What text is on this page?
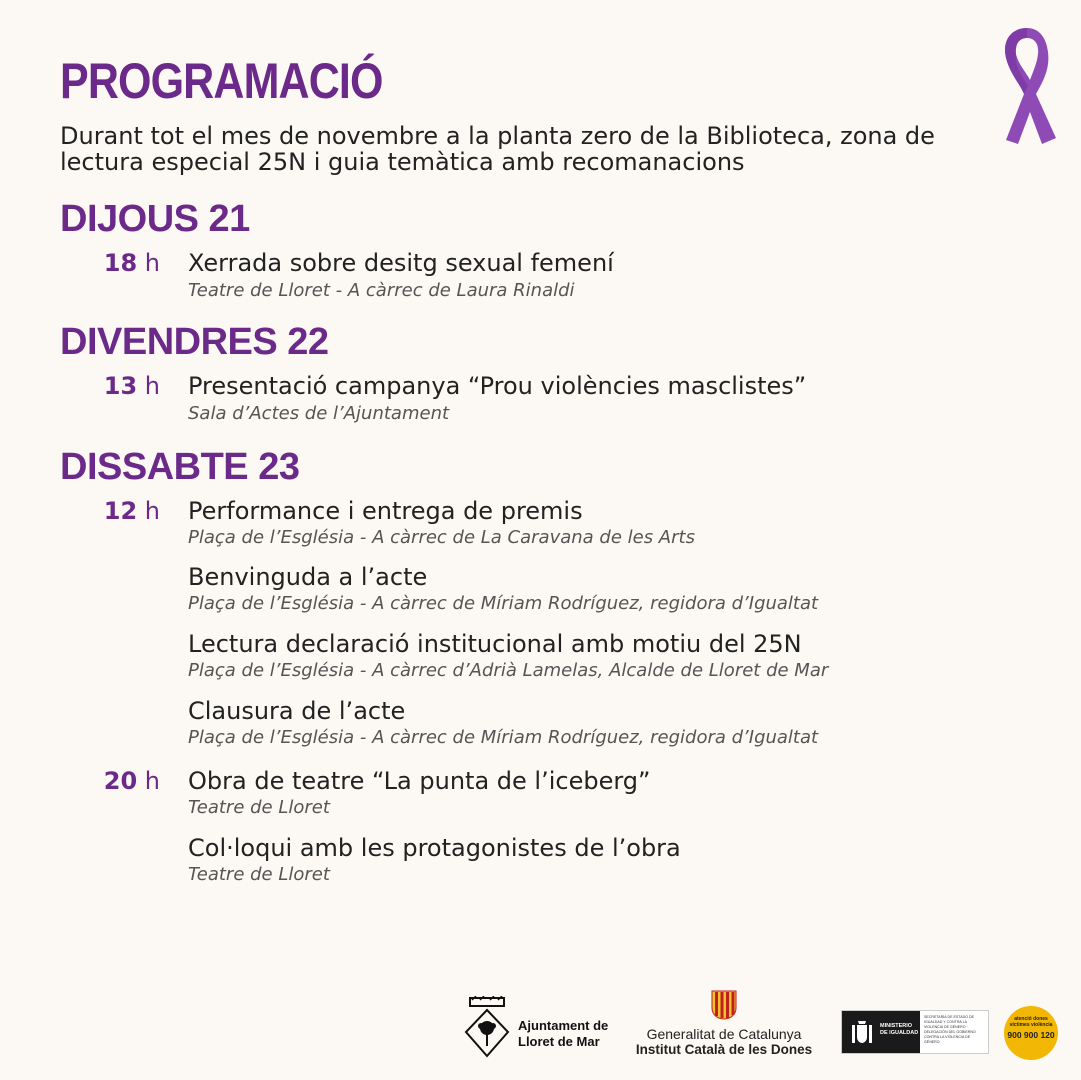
PROGRAMACIÓ
Durant tot el mes de novembre a la planta zero de la Biblioteca, zona de lectura especial 25N i guia temàtica amb recomanacions
DIJOUS 21
18 h Xerrada sobre desitg sexual femení
Teatre de Lloret - A càrrec de Laura Rinaldi
DIVENDRES 22
13 h Presentació campanya “Prou violències masclistes”
Sala d’Actes de l’Ajuntament
DISSABTE 23
12 h Performance i entrega de premis
Plaça de l’Església - A càrrec de La Caravana de les Arts
Benvinguda a l’acte
Plaça de l’Església - A càrrec de Míriam Rodríguez, regidora d’Igualtat
Lectura declaració institucional amb motiu del 25N
Plaça de l’Església - A càrrec d’Adrià Lamelas, Alcalde de Lloret de Mar
Clausura de l’acte
Plaça de l’Església - A càrrec de Míriam Rodríguez, regidora d’Igualtat
20 h Obra de teatre “La punta de l’iceberg”
Teatre de Lloret
Col·loqui amb les protagonistes de l’obra
Teatre de Lloret
Ajuntament de
Lloret de Mar	Generalitat de Catalunya
Institut Català de les Dones
MINISTERIO
DE IGUALDAD
SECRETARÍA DE ESTADO DE IGUALDAD Y CONTRA LA VIOLENCIA DE GÉNERO · DELEGACIÓN DEL GOBIERNO CONTRA LA VIOLENCIA DE GÉNERO
atenció dones víctimes violència
900 900 120
